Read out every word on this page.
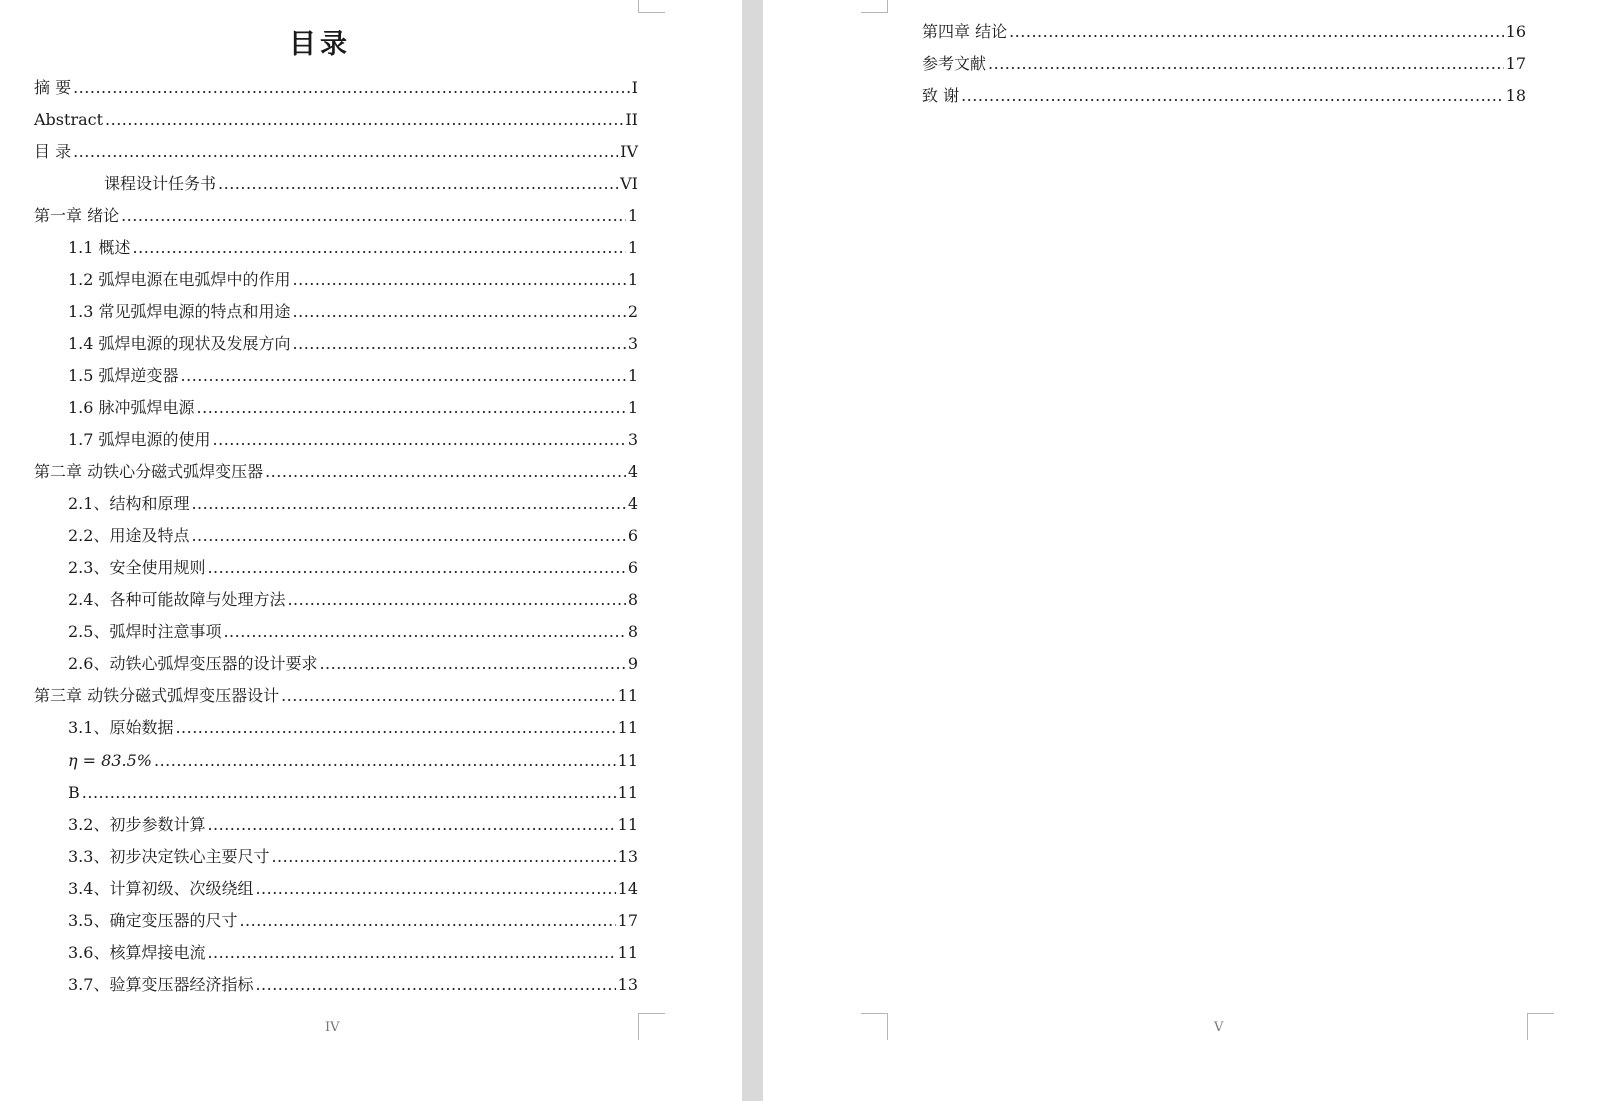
目录
摘 要 .....	I
Abstract .....	II
目 录 .....	IV
课程设计任务书 .....	VI
第一章 绪论 .....	1
1.1 概述 .....	1
1.2 弧焊电源在电弧焊中的作用 .....	1
1.3 常见弧焊电源的特点和用途 .....	2
1.4 弧焊电源的现状及发展方向 .....	3
1.5 弧焊逆变器 .....	1
1.6 脉冲弧焊电源 .....	1
1.7 弧焊电源的使用 .....	3
第二章 动铁心分磁式弧焊变压器 .....	4
2.1、结构和原理 .....	4
2.2、用途及特点 .....	6
2.3、安全使用规则 .....	6
2.4、各种可能故障与处理方法 .....	8
2.5、弧焊时注意事项 .....	8
2.6、动铁心弧焊变压器的设计要求 .....	9
第三章 动铁分磁式弧焊变压器设计 .....	11
3.1、原始数据 .....	11
η = 83.5% .....	11
B .....	11
3.2、初步参数计算 .....	11
3.3、初步决定铁心主要尺寸 .....	13
3.4、计算初级、次级绕组 .....	14
3.5、确定变压器的尺寸 .....	17
3.6、核算焊接电流 .....	11
3.7、验算变压器经济指标 .....	13
IV
第四章 结论 .....	16
参考文献 .....	17
致 谢 .....	18
V
